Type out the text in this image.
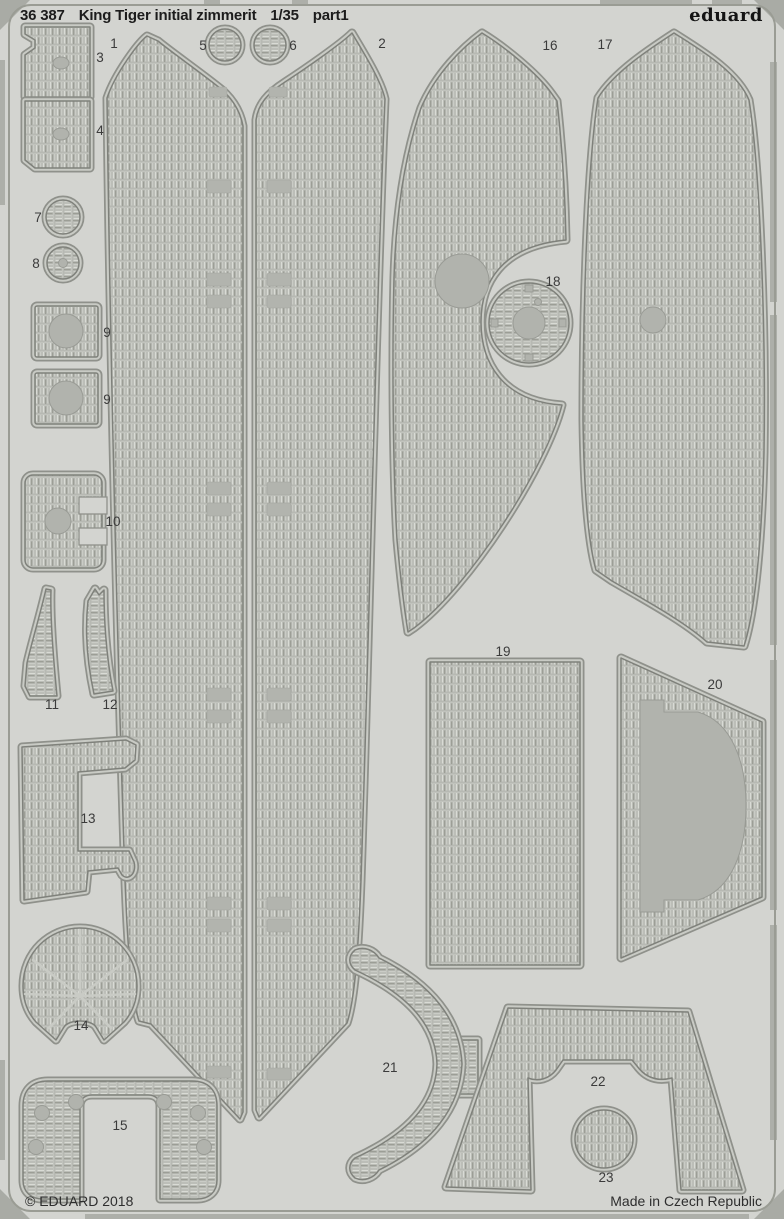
1	2
3
4
5	6
7
8
9
9
10
11	12
13
14
15
16	17
18
19
20
21
22
23
36 387 King Tiger initial zimmerit 1/35 part1	eduard
© EDUARD 2018	Made in Czech Republic
